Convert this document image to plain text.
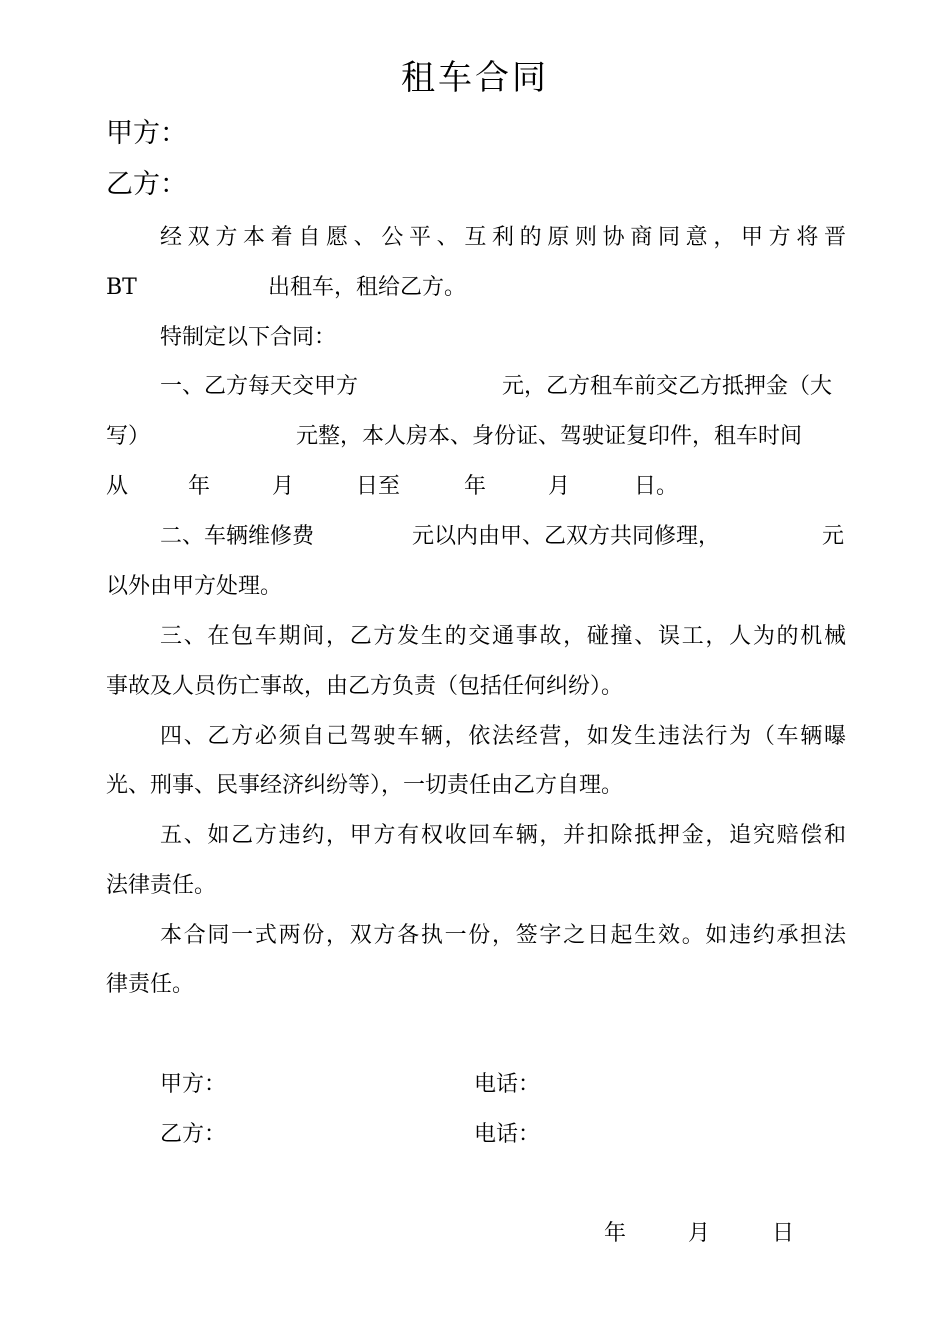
租车合同
甲方：
乙方：
经双方本着自愿、公平、互利的原则协商同意，甲方将晋
BT	出租车，租给乙方。
特制定以下合同：
一、乙方每天交甲方	元，乙方租车前交乙方抵押金（大
写）	元整，本人房本、身份证、驾驶证复印件，租车时间
从	年	月	日至	年	月	日。
二、车辆维修费	元以内由甲、乙双方共同修理，	元
以外由甲方处理。
三、在包车期间，乙方发生的交通事故，碰撞、误工，人为的机械
事故及人员伤亡事故，由乙方负责（包括任何纠纷）。
四、乙方必须自己驾驶车辆，依法经营，如发生违法行为（车辆曝
光、刑事、民事经济纠纷等），一切责任由乙方自理。
五、如乙方违约，甲方有权收回车辆，并扣除抵押金，追究赔偿和
法律责任。
本合同一式两份，双方各执一份，签字之日起生效。如违约承担法
律责任。
甲方：	电话：
乙方：	电话：
年	月	日
